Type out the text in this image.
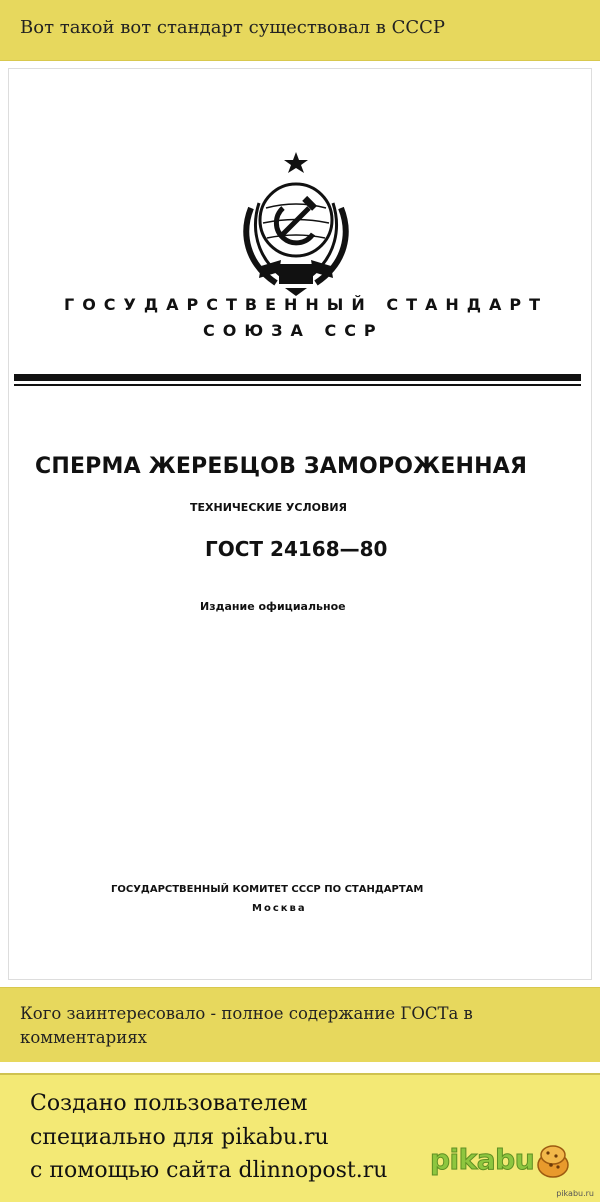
Вот такой вот стандарт существовал в СССР
ГОСУДАРСТВЕННЫЙ СТАНДАРТ
СОЮЗА ССР
СПЕРМА ЖЕРЕБЦОВ ЗАМОРОЖЕННАЯ
ТЕХНИЧЕСКИЕ УСЛОВИЯ
ГОСТ 24168—80
Издание официальное
ГОСУДАРСТВЕННЫЙ КОМИТЕТ СССР ПО СТАНДАРТАМ
Москва
Кого заинтересовало - полное содержание ГОСТа в комментариях
Создано пользователем
специально для pikabu.ru
с помощью сайта dlinnopost.ru pikabu
pikabu.ru
